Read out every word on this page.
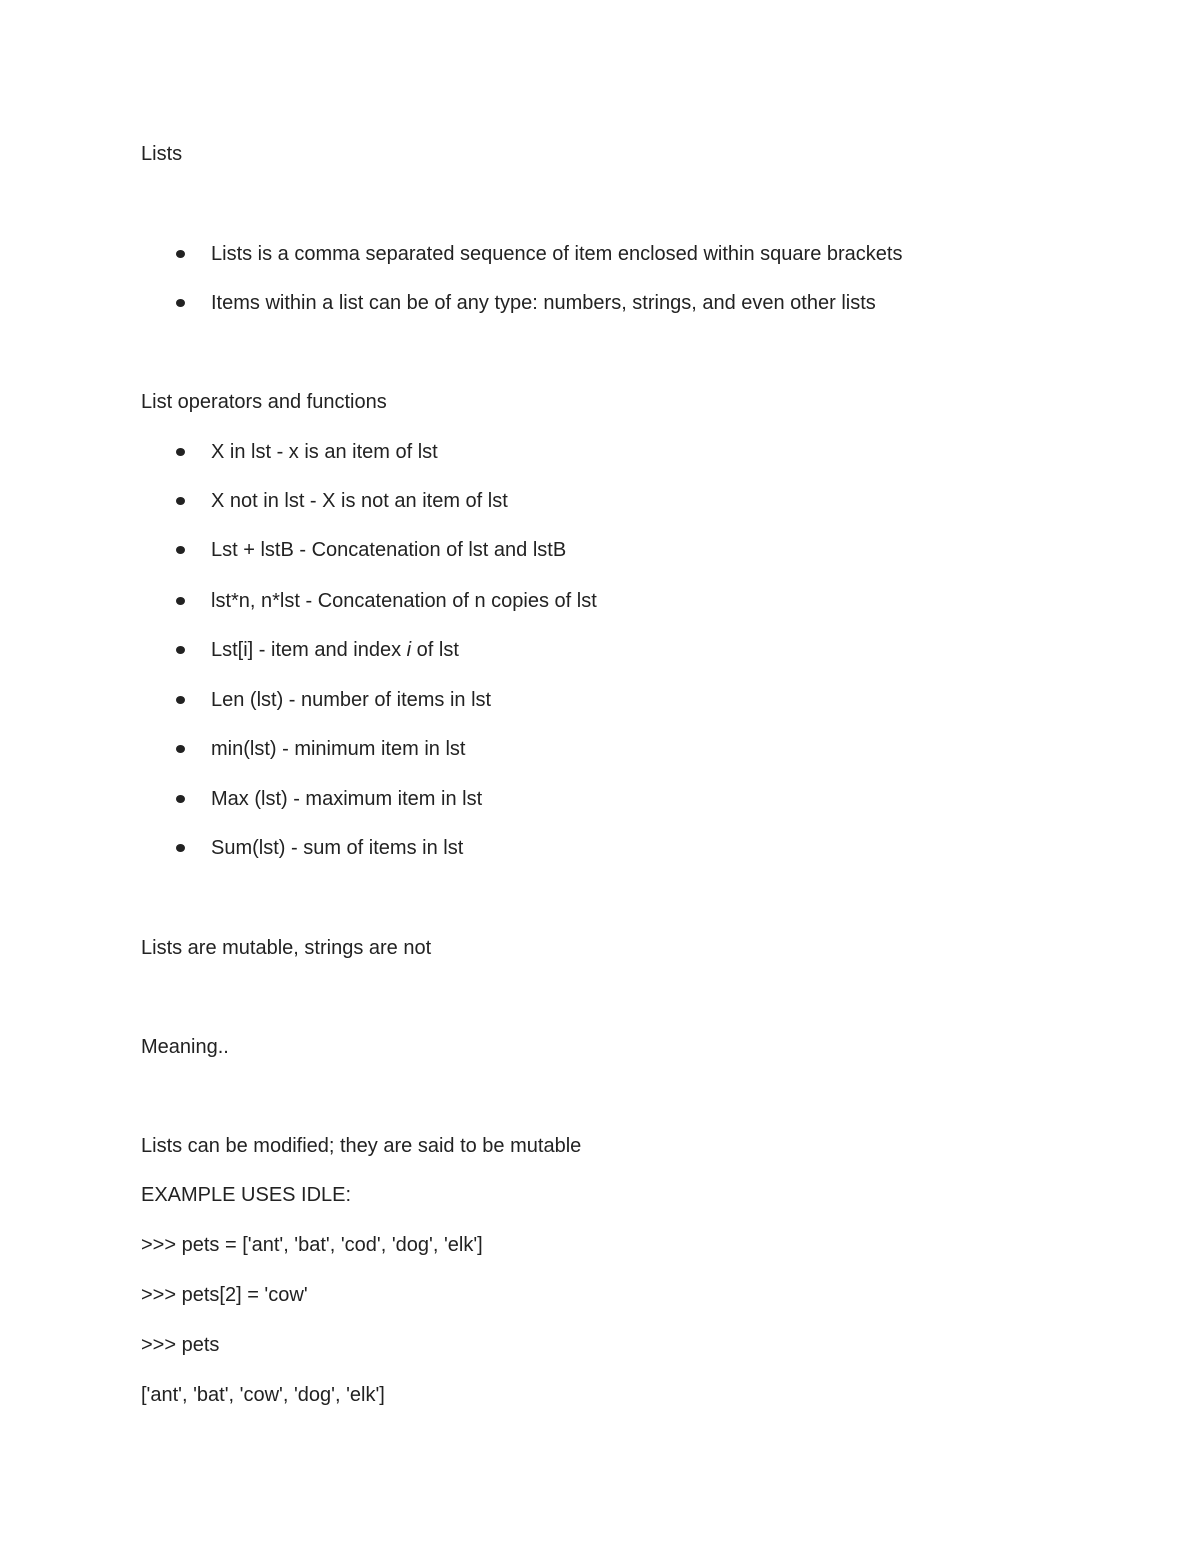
Lists
Lists is a comma separated sequence of item enclosed within square brackets
Items within a list can be of any type: numbers, strings, and even other lists
List operators and functions
X in lst - x is an item of lst
X not in lst - X is not an item of lst
Lst + lstB - Concatenation of lst and lstB
lst*n, n*lst - Concatenation of n copies of lst
Lst[i] - item and index i of lst
Len (lst) - number of items in lst
min(lst) - minimum item in lst
Max (lst) - maximum item in lst
Sum(lst) - sum of items in lst
Lists are mutable, strings are not
Meaning..
Lists can be modified; they are said to be mutable
EXAMPLE USES IDLE:
>>> pets = ['ant', 'bat', 'cod', 'dog', 'elk']
>>> pets[2] = 'cow'
>>> pets
['ant', 'bat', 'cow', 'dog', 'elk']
